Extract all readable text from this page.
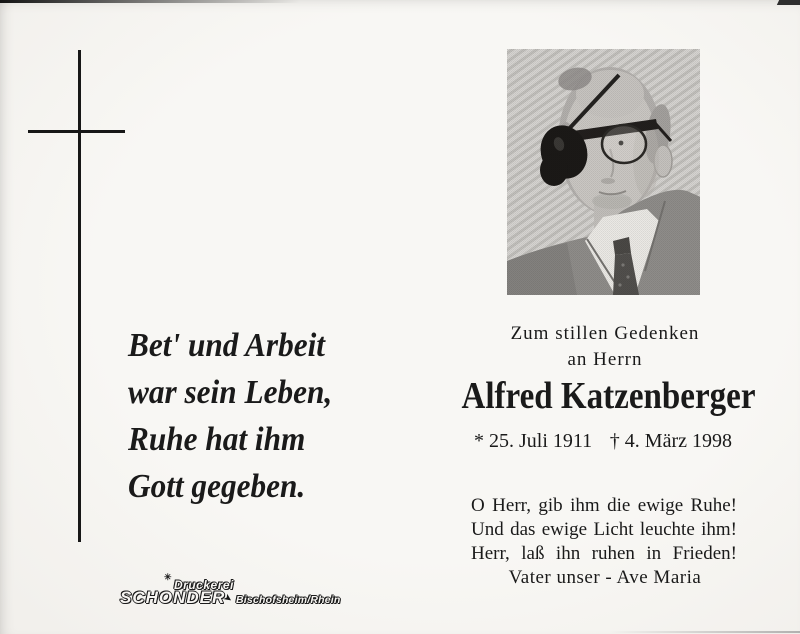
Bet' und Arbeit
war sein Leben,
Ruhe hat ihm
Gott gegeben.
Zum stillen Gedenken
an Herrn
Alfred Katzenberger
* 25. Juli 1911 † 4. März 1998
O Herr, gib ihm die ewige Ruhe!
Und das ewige Licht leuchte ihm!
Herr, laß ihn ruhen in Frieden!
Vater unser - Ave Maria
✳
Druckerei
SCHONDER
➤ Bischofsheim/Rhein
